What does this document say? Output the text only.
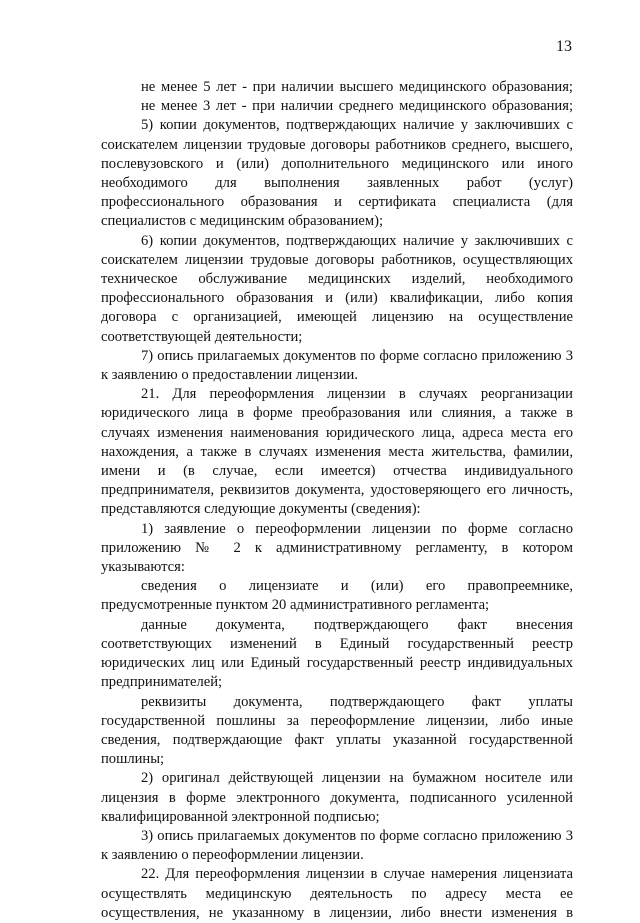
13

не менее 5 лет - при наличии высшего медицинского образования;

не менее 3 лет - при наличии среднего медицинского образования;

5) копии документов, подтверждающих наличие у заключивших с соискателем лицензии трудовые договоры работников среднего, высшего, послевузовского и (или) дополнительного медицинского или иного необходимого для выполнения заявленных работ (услуг) профессионального образования и сертификата специалиста (для специалистов с медицинским образованием);

6) копии документов, подтверждающих наличие у заключивших с соискателем лицензии трудовые договоры работников, осуществляющих техническое обслуживание медицинских изделий, необходимого профессионального образования и (или) квалификации, либо копия договора с организацией, имеющей лицензию на осуществление соответствующей деятельности;

7) опись прилагаемых документов по форме согласно приложению 3 к заявлению о предоставлении лицензии.

21. Для переоформления лицензии в случаях реорганизации юридического лица в форме преобразования или слияния, а также в случаях изменения наименования юридического лица, адреса места его нахождения, а также в случаях изменения места жительства, фамилии, имени и (в случае, если имеется) отчества индивидуального предпринимателя, реквизитов документа, удостоверяющего его личность, представляются следующие документы (сведения):

1) заявление о переоформлении лицензии по форме согласно приложению № 2 к административному регламенту, в котором указываются:

сведения о лицензиате и (или) его правопреемнике, предусмотренные пунктом 20 административного регламента;

данные документа, подтверждающего факт внесения соответствующих изменений в Единый государственный реестр юридических лиц или Единый государственный реестр индивидуальных предпринимателей;

реквизиты документа, подтверждающего факт уплаты государственной пошлины за переоформление лицензии, либо иные сведения, подтверждающие факт уплаты указанной государственной пошлины;

2) оригинал действующей лицензии на бумажном носителе или лицензия в форме электронного документа, подписанного усиленной квалифицированной электронной подписью;

3) опись прилагаемых документов по форме согласно приложению 3 к заявлению о переоформлении лицензии.

22. Для переоформления лицензии в случае намерения лицензиата осуществлять медицинскую деятельность по адресу места ее осуществления, не указанному в лицензии, либо внести изменения в
